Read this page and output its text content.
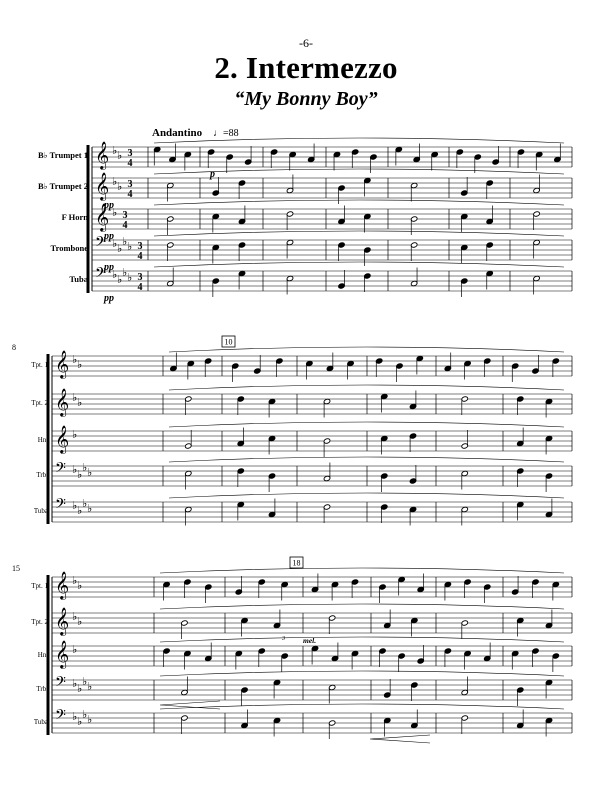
-6-
2. Intermezzo
“My Bonny Boy”
Andantino ♩=88
B♭ Trumpet 1 𝄞 ♭ ♭ 3
4
p
B♭ Trumpet 2 𝄞 ♭ ♭ 3
4
pp
F Horn 𝄞 ♭ 3
4
pp
Trombone 𝄢 ♭ ♭
♭ ♭ 3
4
pp
Tuba 𝄢 ♭ ♭
♭ ♭ 3
4
pp
8
10
Tpt. 1 𝄞 ♭ ♭
Tpt. 2 𝄞 ♭ ♭
Hn. 𝄞 ♭
Trb. 𝄢 ♭ ♭
♭ ♭
Tuba 𝄢 ♭ ♭
♭ ♭
15
18
Tpt. 1 𝄞 ♭ ♭
Tpt. 2 𝄞 ♭ ♭
Hn. 𝄞 ♭
Trb. 𝄢 ♭ ♭
♭ ♭
Tuba 𝄢 ♭ ♭
♭ ♭
mel.
3
